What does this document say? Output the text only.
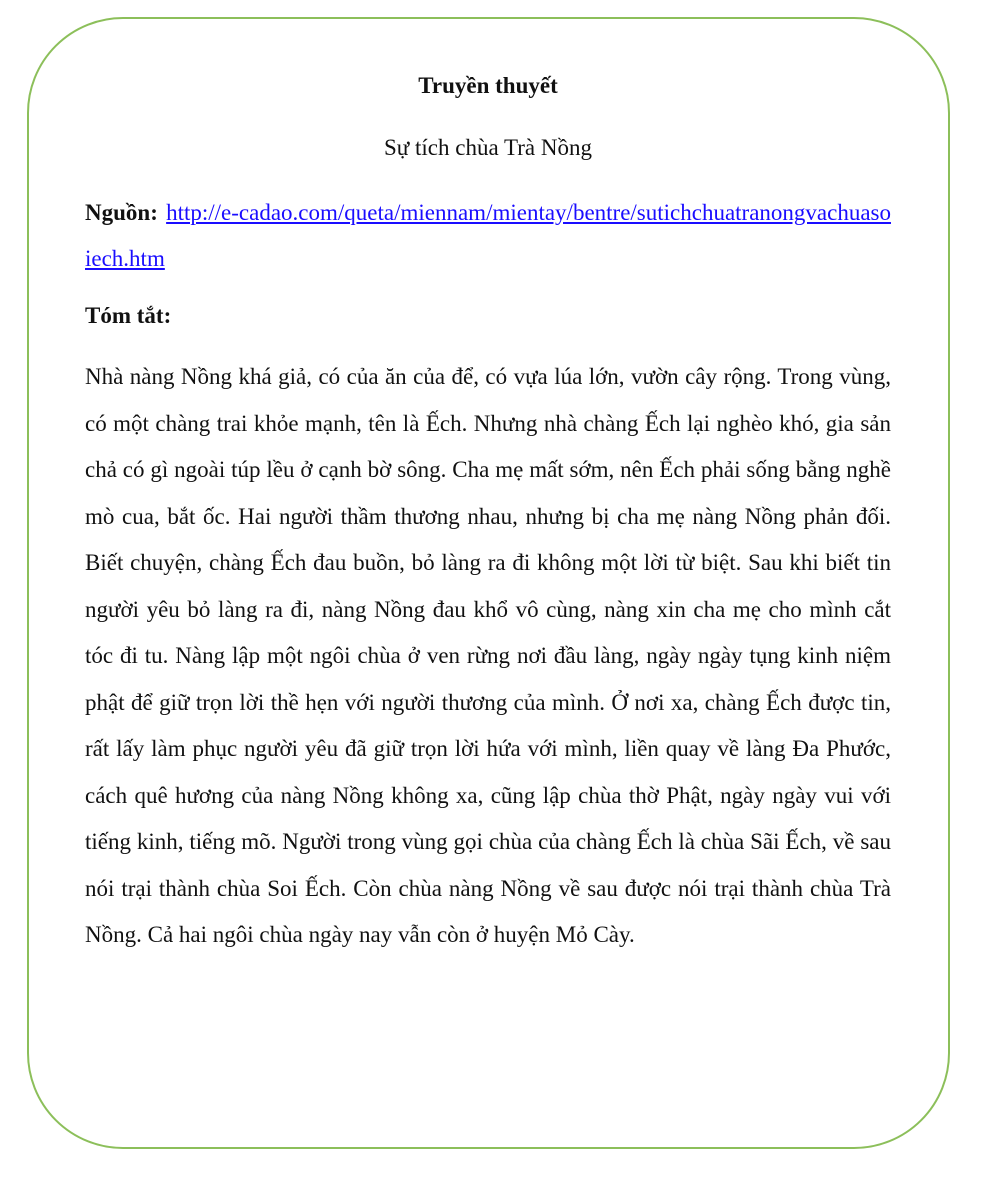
Truyền thuyết

Sự tích chùa Trà Nồng

Nguồn: http://e-cadao.com/queta/miennam/mientay/bentre/sutichchuatranongvachuasoiech.htm

Tóm tắt:

Nhà nàng Nồng khá giả, có của ăn của để, có vựa lúa lớn, vườn cây rộng. Trong vùng, có một chàng trai khỏe mạnh, tên là Ếch. Nhưng nhà chàng Ếch lại nghèo khó, gia sản chả có gì ngoài túp lều ở cạnh bờ sông. Cha mẹ mất sớm, nên Ếch phải sống bằng nghề mò cua, bắt ốc. Hai người thầm thương nhau, nhưng bị cha mẹ nàng Nồng phản đối. Biết chuyện, chàng Ếch đau buồn, bỏ làng ra đi không một lời từ biệt. Sau khi biết tin người yêu bỏ làng ra đi, nàng Nồng đau khổ vô cùng, nàng xin cha mẹ cho mình cắt tóc đi tu. Nàng lập một ngôi chùa ở ven rừng nơi đầu làng, ngày ngày tụng kinh niệm phật để giữ trọn lời thề hẹn với người thương của mình. Ở nơi xa, chàng Ếch được tin, rất lấy làm phục người yêu đã giữ trọn lời hứa với mình, liền quay về làng Đa Phước, cách quê hương của nàng Nồng không xa, cũng lập chùa thờ Phật, ngày ngày vui với tiếng kinh, tiếng mõ. Người trong vùng gọi chùa của chàng Ếch là chùa Sãi Ếch, về sau nói trại thành chùa Soi Ếch. Còn chùa nàng Nồng về sau được nói trại thành chùa Trà Nồng. Cả hai ngôi chùa ngày nay vẫn còn ở huyện Mỏ Cày.
